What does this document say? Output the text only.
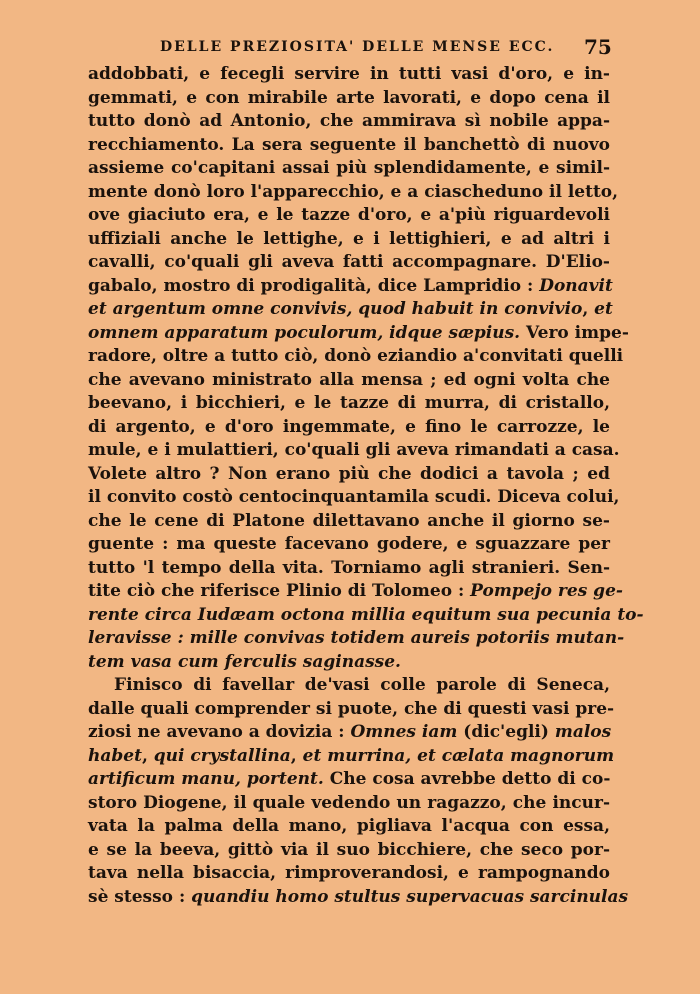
DELLE PREZIOSITA' DELLE MENSE ECC. 75
addobbati, e fecegli servire in tutti vasi d'oro, e in-
gemmati, e con mirabile arte lavorati, e dopo cena il
tutto donò ad Antonio, che ammirava sì nobile appa-
recchiamento. La sera seguente il banchettò di nuovo
assieme co'capitani assai più splendidamente, e simil-
mente donò loro l'apparecchio, e a ciascheduno il letto,
ove giaciuto era, e le tazze d'oro, e a'più riguardevoli
uffiziali anche le lettighe, e i lettighieri, e ad altri i
cavalli, co'quali gli aveva fatti accompagnare. D'Elio-
gabalo, mostro di prodigalità, dice Lampridio : Donavit
et argentum omne convivis, quod habuit in convivio, et
omnem apparatum poculorum, idque sæpius. Vero impe-
radore, oltre a tutto ciò, donò eziandio a'convitati quelli
che avevano ministrato alla mensa ; ed ogni volta che
beevano, i bicchieri, e le tazze di murra, di cristallo,
di argento, e d'oro ingemmate, e fino le carrozze, le
mule, e i mulattieri, co'quali gli aveva rimandati a casa.
Volete altro ? Non erano più che dodici a tavola ; ed
il convito costò centocinquantamila scudi. Diceva colui,
che le cene di Platone dilettavano anche il giorno se-
guente : ma queste facevano godere, e sguazzare per
tutto 'l tempo della vita. Torniamo agli stranieri. Sen-
tite ciò che riferisce Plinio di Tolomeo : Pompejo res ge-
rente circa Iudæam octona millia equitum sua pecunia to-
leravisse : mille convivas totidem aureis potoriis mutan-
tem vasa cum ferculis saginasse.
Finisco di favellar de'vasi colle parole di Seneca,
dalle quali comprender si puote, che di questi vasi pre-
ziosi ne avevano a dovizia : Omnes iam (dic'egli) malos
habet, qui crystallina, et murrina, et cælata magnorum
artificum manu, portent. Che cosa avrebbe detto di co-
storo Diogene, il quale vedendo un ragazzo, che incur-
vata la palma della mano, pigliava l'acqua con essa,
e se la beeva, gittò via il suo bicchiere, che seco por-
tava nella bisaccia, rimproverandosi, e rampognando
sè stesso : quandiu homo stultus supervacuas sarcinulas
